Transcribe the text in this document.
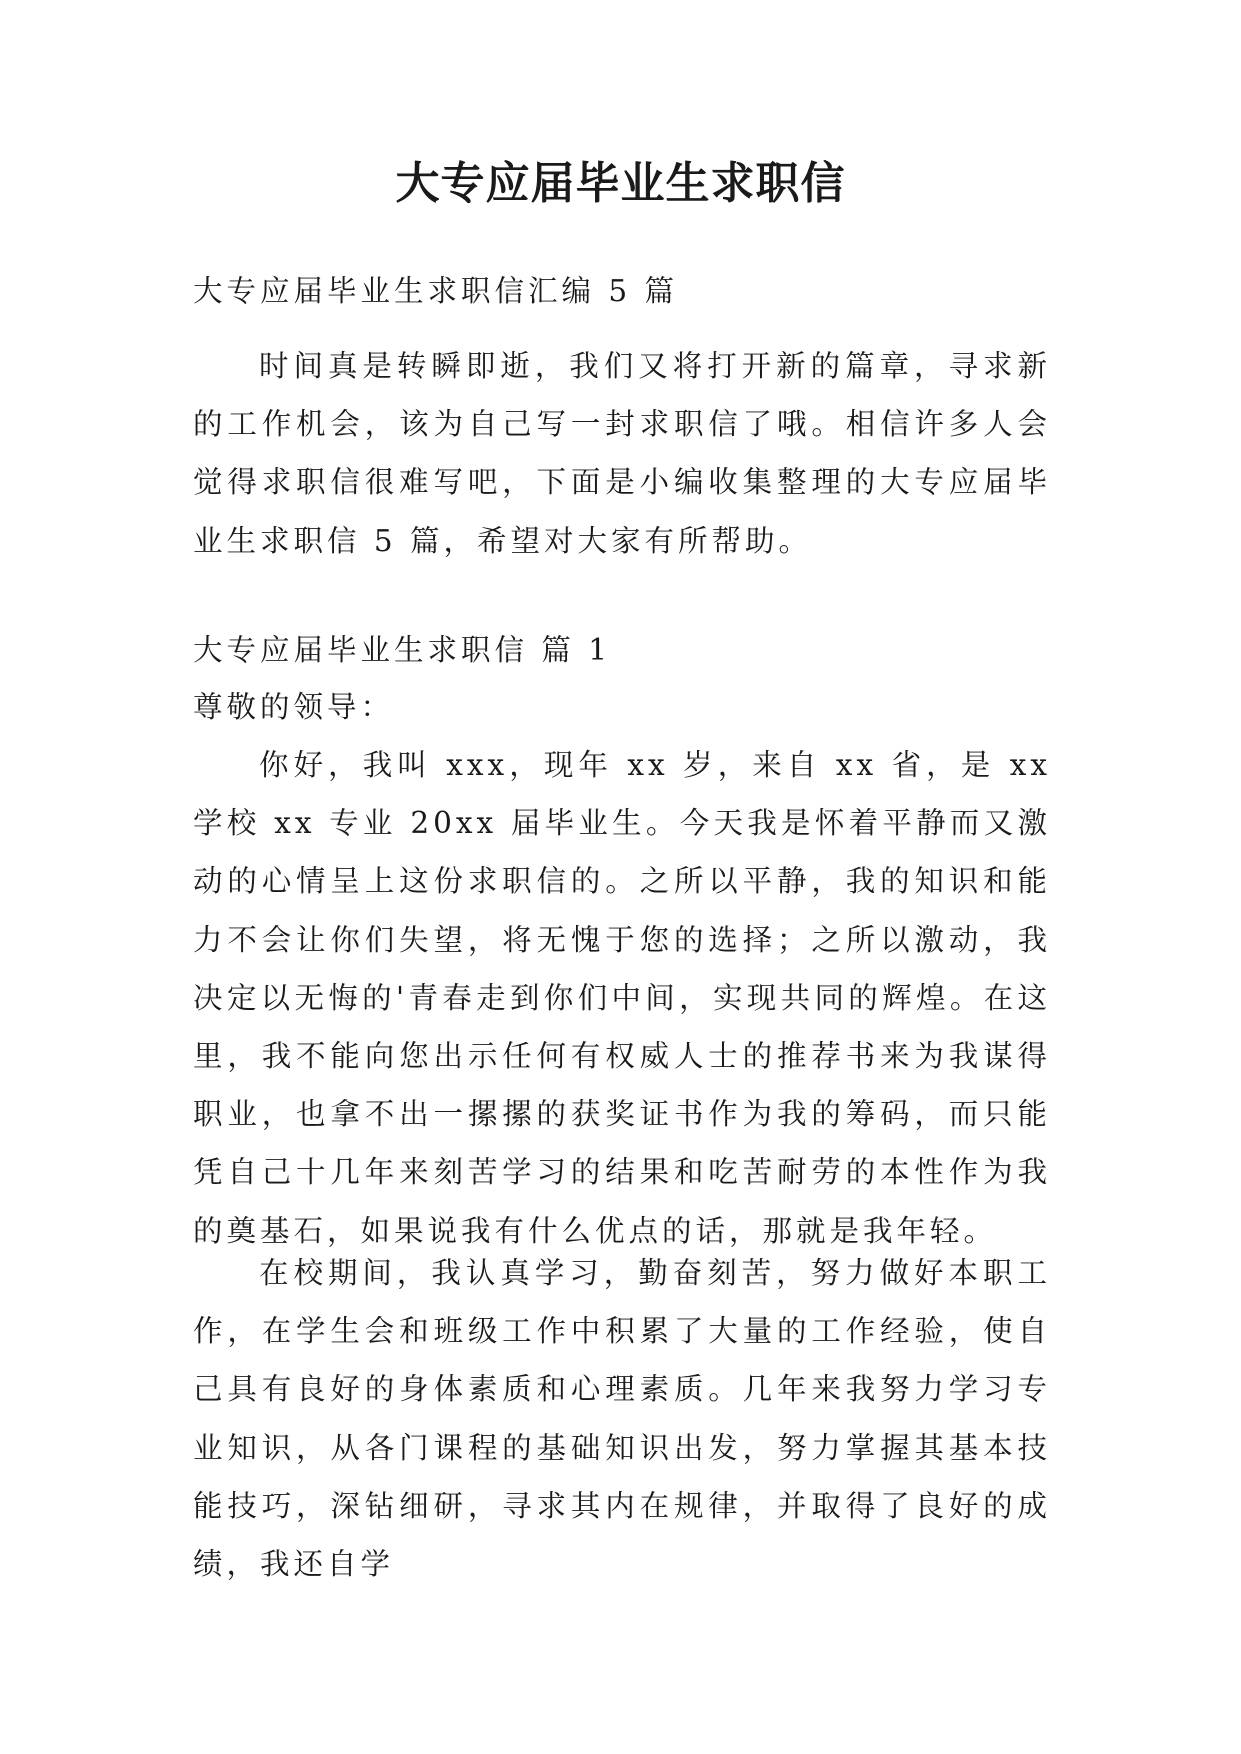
大专应届毕业生求职信

大专应届毕业生求职信汇编 5 篇

时间真是转瞬即逝，我们又将打开新的篇章，寻求新的工作机会，该为自己写一封求职信了哦。相信许多人会觉得求职信很难写吧，下面是小编收集整理的大专应届毕业生求职信 5 篇，希望对大家有所帮助。

大专应届毕业生求职信 篇 1

尊敬的领导：

你好，我叫 xxx，现年 xx 岁，来自 xx 省，是 xx 学校 xx 专业 20xx 届毕业生。今天我是怀着平静而又激动的心情呈上这份求职信的。之所以平静，我的知识和能力不会让你们失望，将无愧于您的选择；之所以激动，我决定以无悔的'青春走到你们中间，实现共同的辉煌。在这里，我不能向您出示任何有权威人士的推荐书来为我谋得职业，也拿不出一摞摞的获奖证书作为我的筹码，而只能凭自己十几年来刻苦学习的结果和吃苦耐劳的本性作为我的奠基石，如果说我有什么优点的话，那就是我年轻。

在校期间，我认真学习，勤奋刻苦，努力做好本职工作，在学生会和班级工作中积累了大量的工作经验，使自己具有良好的身体素质和心理素质。几年来我努力学习专业知识，从各门课程的基础知识出发，努力掌握其基本技能技巧，深钻细研，寻求其内在规律，并取得了良好的成绩，我还自学
